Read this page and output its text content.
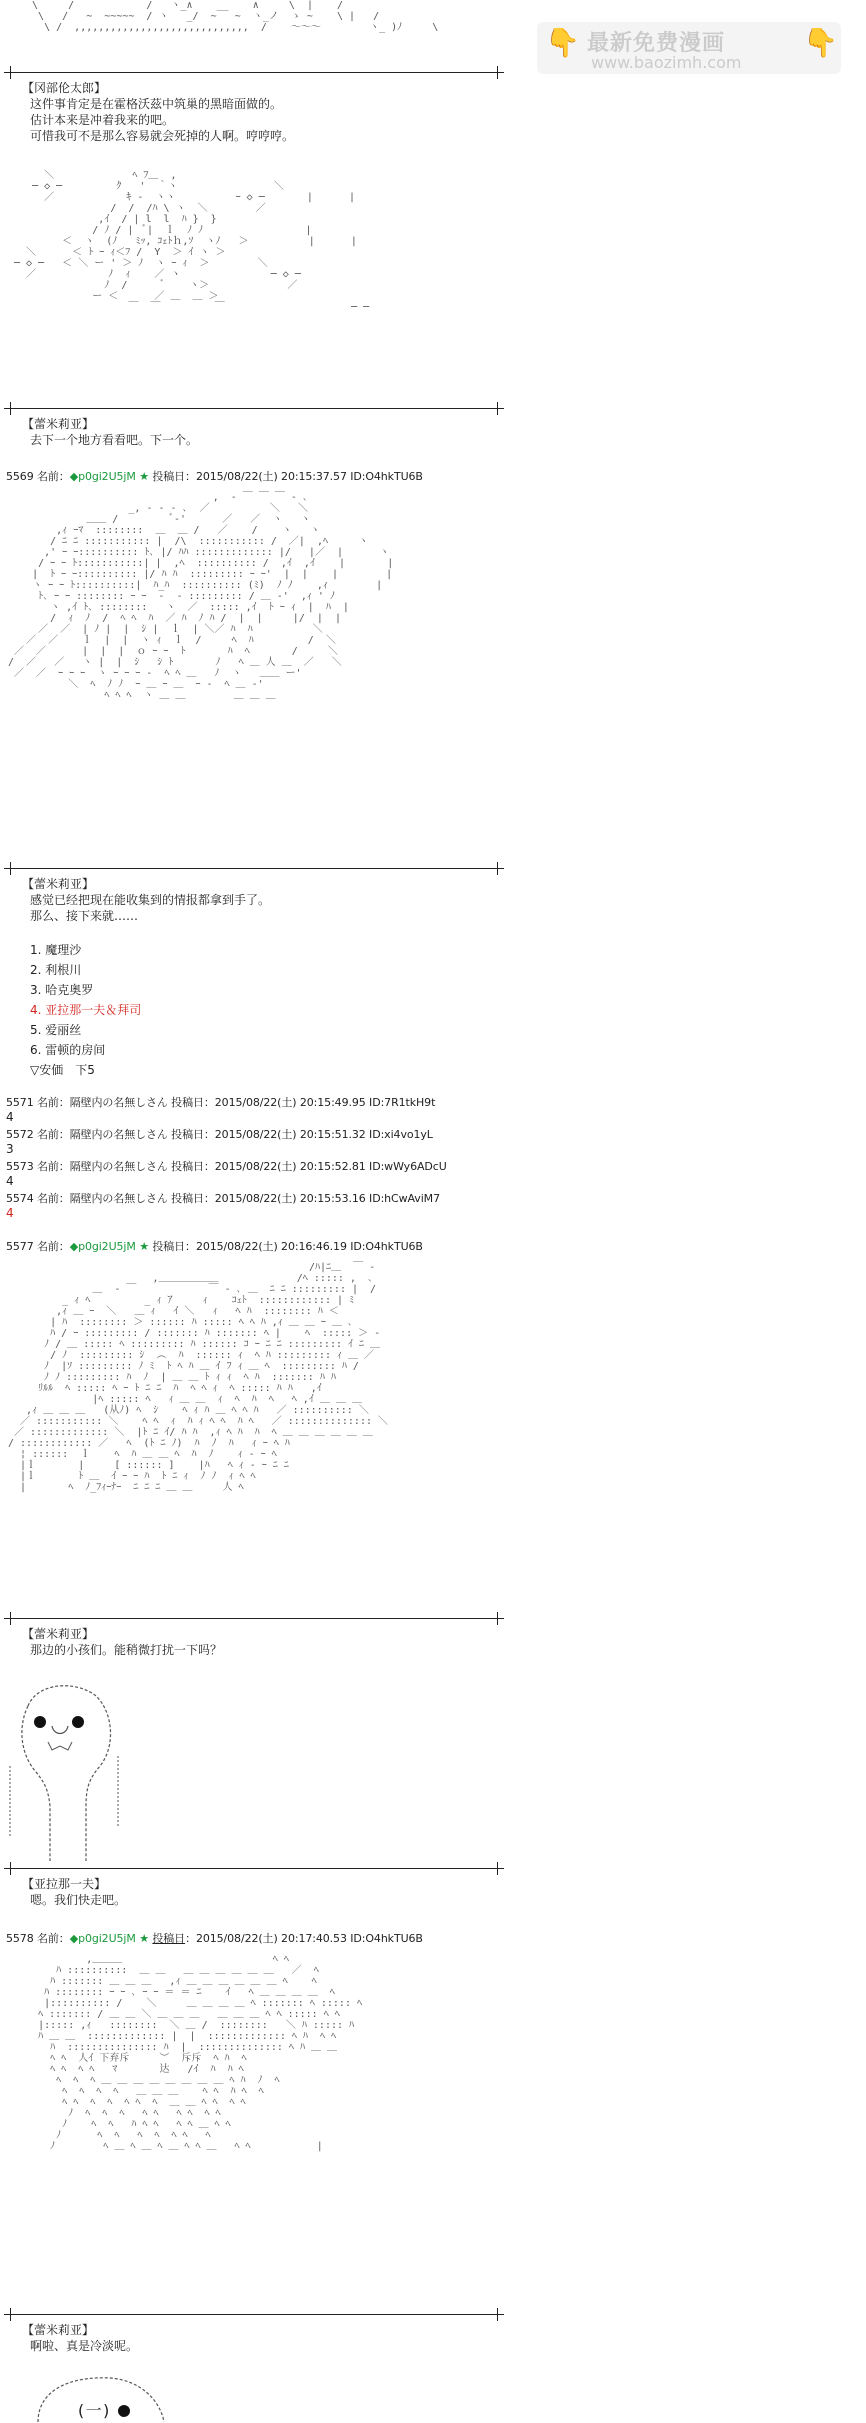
👇 最新免费漫画
www.baozimh.com
👇
\     /            /   ヽ_∧    __    ∧     \  |    /
\   /   ~  ~~~~~  / ヽ   _/  ~   ~  ヽ_ノ  ゝ ~    \ |   /
\ /  ,,,,,,,,,,,,,,,,,,,,,,,,,,,,,  /    ～～～        ヽ_ )ﾉ     \
【冈部伦太郎】
这件事肯定是在霍格沃茲中筑巢的黑暗面做的。
估计本来是冲着我来的吧。
可惜我可不是那么容易就会死掉的人啊。哼哼哼。
＼             ﾍ ﾌ＿  ,
─ ◇ ─         ｸ   '  ｀ヽ                ＼
／            ｷ ‐  ヽヽ          ｰ ◇ ─       |      |
/  /  /ﾊ \ ヽ  ＼        ／
,ｲ  / | l  l  ﾊ }  }
/ ﾉ / |  ﾞ|  ｌ  ﾉ ﾉ                 |
＜  ヽ  (ﾉ   ﾐｯ, ｺｪﾄｈ,ｿ  ヽﾉ   ＞          |      |
＼      ＜ ﾄ ｰ ｨ＜ﾌ /  Y  ＞ ｲ ヽ ＞
─ ◇ ─   ＜ ＼ ー ' ＞ ﾉ  ヽ ｰ ｨ  ＞        ＼
／            ﾉ  ｨ    ／ ヽ               ─ ◇ ─
ﾉ  /      ﾞ    ヽ＞             ／
ー ＜      ／ ＿  ＿ ＞
￣  ￣         ￣                     ─ ─
【蕾米莉亚】
去下一个地方看看吧。下一个。
5569 名前：◆p0gi2U5jM ★ 投稿日：2015/08/22(土) 20:15:37.57 ID:O4hkTU6B
,  ‐ ￣ ￣ ￣ ‐ ､
_, ‐ ‐ ‐ ､  ／          ＼   ＼
＿＿ /         ﾞ‐'      ／   ／  ヽ   ヽ
,ｨ ｰﾏ  ::::::::  ＿  ＿ /   ／    /    ヽ   ヽ
/ ﾆ ﾆ ::::::::::: |  /\  ::::::::::: /  ／|  ,ﾍ     ヽ
,' ｰ ｰ:::::::::: ﾄ､ |/ ﾊﾊ ::::::::::::: |/   |／  |      ヽ
/ ｰ ｰ ﾄ:::::::::::| |  ,ﾍ  :::::::::: /  ,ｲ  ,ｲ    |       |
|  ﾄ ｰ ｰ:::::::::: |/ ﾊ ﾊ  ::::::::: ｰ ｰ'  |  |    |        |
ヽ ｰ ｰ ﾄ::::::::::|  ﾊ_ﾊ  :::::::::: (ﾐ)  ﾉ ﾉ    ,ｨ        |
ﾄ､ ｰ ｰ :::::::: ｰ ｰ  ‐  ‐ ::::::::: / ＿ ‐'  ,ｨ ' ﾉ
ヽ ,ｲ ﾄ､ ::::::::   ヽ  ／  ::::: ,ｲ  ﾄ ｰ ｨ  |  ﾊ  |
/  ｨ  ﾉ  /  ﾍ ﾍ  ﾊ  ／ ﾊ  ﾉ ﾊ /  |  |     |/  |  |
／  ／  | ﾉ |  |  ｼ |  ｌ  | ＼／ ﾊ  ﾊ          ＼
／  ／    ｌ  |  |  ヽ ｨ  ｌ  /     ﾍ  ﾊ         /  ＼
／  ／      |  |  |  ｏ ｰ ｰ  ﾄ       ﾊ  ﾍ       /     ＼
/  ／   ／   ヽ |  |  ｼ   ｼ ﾄ       ﾉ   ﾍ ＿ 人 ＿  ／   ＼
／  ／  ｰ ｰ ｰ  ヽ ｰ ｰ ｰ ‐  ﾍ ﾍ ＿   ﾉ  ヽ   ＿＿ ー'
＼  ﾍ  ﾉ ﾉ  ｰ ＿ ｰ ＿  ｰ ‐  ﾍ ＿ ‐'
ﾍ ﾍ ﾍ  ヽ ＿ ＿        ＿ ＿ ＿
【蕾米莉亚】
感觉已经把现在能收集到的情报都拿到手了。
那么、接下来就……
1. 魔理沙
2. 利根川
3. 哈克奥罗
4. 亚拉那一夫＆拜司
5. 爱丽丝
6. 雷顿的房间
▽安価　下5
5571 名前：隔壁内の名無しさん 投稿日：2015/08/22(土) 20:15:49.95 ID:7R1tkH9t
4
5572 名前：隔壁内の名無しさん 投稿日：2015/08/22(土) 20:15:51.32 ID:xi4vo1yL
3
5573 名前：隔壁内の名無しさん 投稿日：2015/08/22(土) 20:15:52.81 ID:wWy6ADcU
4
5574 名前：隔壁内の名無しさん 投稿日：2015/08/22(土) 20:15:53.16 ID:hCwAviM7
4
5577 名前：◆p0gi2U5jM ★ 投稿日：2015/08/22(土) 20:16:46.19 ID:O4hkTU6B
/ﾊ|ﾆ＿  ￣ ‐
,＿＿＿＿＿＿             /ﾍ ::::: ,  ､
＿  ‐ ￣            ￣ ‐ ､ ＿  ﾆ ﾆ ::::::::: |  /
_ ｨ ﾍ         _ ｨ ｱ     ｨ    ｺｪﾄ  :::::::::::: | ﾐ
,ｨ ＿ ｰ  ＼   ＿ ｨ   ｲ ＼   ｨ   ﾍ ﾊ  :::::::: ﾊ ＜
| ﾊ  :::::::: ＞ :::::: ﾊ ::::: ﾍ ﾍ ﾊ ,ｨ ＿ ＿ ｰ ＿ ､
ﾊ / ｰ ::::::::: / ::::::: ﾊ ::::::: ﾍ |    ﾍ  ::::: ＞ ‐
ﾉ / ＿ ::::: ﾍ ::::::::: ﾊ :::::: ｺ ｰ ﾆ ﾆ ::::::::: ｲ ﾆ ＿
/ ﾉ  ::::::::: ｼ  ︵  ﾊ  :::::: ｨ  ﾍ ﾊ ::::::::: ｨ ＿ ／
ﾉ  |ｿ ::::::::: ﾉ ﾐ  ﾄ ﾍ ﾊ ＿ ｲ ﾌ ｨ ＿ ﾍ  ::::::::: ﾊ /
ﾉ ﾉ ::::::::: ﾊ  ﾉ  | ＿ ＿ ﾄ ｨ ｨ  ﾍ ﾊ  ::::::: ﾊ ﾊ
ﾘﾙﾙ  ﾍ ::::: ﾍ ｰ ﾄ ﾆ ﾆ  ﾊ  ﾍ ﾍ ｨ  ﾍ ::::: ﾊ ﾊ   ,ｲ
|ﾍ ::::: ﾍ   ｨ ＿ ＿  ｨ  ﾍ  ﾊ  ﾍ   ﾍ ,ｲ ＿ ＿ ＿
,ｨ ＿ ＿ ＿   (从ﾉ) ﾍ  ｼ    ﾍ ｨ ﾊ ＿ ﾍ ﾍ ﾊ   ／ :::::::::: ＼
／ ::::::::::: ＼    ﾍ ﾍ  ｨ  ﾊ ｨ ﾍ ﾍ  ﾊ ﾍ   ／ :::::::::::::: ＼
／ ::::::::::::: ＼  |ﾄ ﾆ ｲ/ ﾊ ﾊ  ,ｨ ﾍ ﾊ  ﾊ  ﾍ ＿ ＿ ＿ ＿ ＿ ＿
/ :::::::::::: ／   ﾍ  (ﾄ ﾆ ﾉ)  ﾊ  ﾉ  ﾊ   ｨ ｰ ﾍ ﾊ
¦ ::::::  ｌ    ﾍ  ﾊ ＿ ＿ ﾍ  ﾊ  ﾉ    ｨ ‐ ｰ ﾍ
|ｌ       |     [ :::::: ]    |ﾊ   ﾍ ｨ ‐ ｰ ﾆ ﾆ
|ｌ       ﾄ ＿  ｲ ｰ ｰ ﾊ  ﾄ ﾆ ｨ  ﾉ ﾉ  ｨ ﾍ ﾍ
|       ﾍ  ﾉ_ﾌｨｰﾅｰ  ﾆ ﾆ ﾆ ＿ ＿     人 ﾍ
【蕾米莉亚】
那边的小孩们。能稍微打扰一下吗？
【亚拉那一夫】
嗯。我们快走吧。
5578 名前：◆p0gi2U5jM ★ 投稿日：2015/08/22(土) 20:17:40.53 ID:O4hkTU6B
,＿＿＿                         ﾍ ﾍ
ﾊ ::::::::::  ＿ ＿   ＿ ＿ ＿ ＿ ＿ ＿   ／  ﾍ
ﾊ ::::::: ＿ ＿ ＿   ,ｨ ＿ ＿ ＿ ＿ ＿ ＿ ﾍ    ﾍ
ﾊ :::::::: ｰ ｰ ､ ｰ ｰ ＝ ＝ ﾆ    ｲ   ﾍ ＿ ＿ ＿ ＿  ﾍ
|:::::::::: /    ＼     ＿ ＿ ＿ ＿ ﾍ ::::::: ﾍ ::::: ﾍ
ﾍ ::::::: / ＿ ＿ ＼ ＿ ＿ ＿   ＿ ＿ ＿ ﾍ ﾍ ::::: ﾍ ﾍ
|::::: ,ｨ   ::::::::  ＼ ＿ /  ::::::::   ＼ ﾊ ::::: ﾊ
ﾊ ＿ ＿  ::::::::::::: |  |  ::::::::::::: ﾍ ﾊ  ﾍ ﾍ
ﾊ  ::::::::::::::: ﾊ  |  :::::::::::::: ﾍ ﾊ ＿ ＿
ﾍ ﾍ  人ｲ 下弃斥     ︶  斥斥  ﾍ ﾊ  ﾍ
ﾍ ﾍ  ﾍ ﾍ   ﾏ	达   /ｲ  ﾊ  ﾊ ﾍ
ﾍ  ﾍ  ﾍ ＿ ＿ ＿ ＿ ＿ ＿ ＿ ＿ ﾍ ﾊ  ﾉ  ﾍ
ﾍ  ﾍ  ﾍ  ﾍ   ＿ ＿ ＿    ﾍ ﾍ  ﾊ ﾍ  ﾍ
ﾍ ﾍ  ﾍ  ﾍ  ﾍ ﾍ  ﾍ  ＿ ＿ ﾍ ﾍ  ﾍ ﾍ
ﾉ  ﾍ  ﾍ  ﾍ   ﾍ ﾍ   ﾍ ﾍ  ﾍ ﾍ
ﾉ    ﾍ  ﾍ   ﾊ ﾍ ﾍ   ﾍ ﾍ ＿ ﾍ ﾍ
ﾉ      ﾍ  ﾍ   ﾍ  ﾍ  ﾍ ﾍ   ﾍ
ﾉ        ﾍ ＿ ﾍ ＿ ﾍ ＿ ﾍ ﾍ ＿   ﾍ ﾍ           |
【蕾米莉亚】
啊啦、真是冷淡呢。
(一)
